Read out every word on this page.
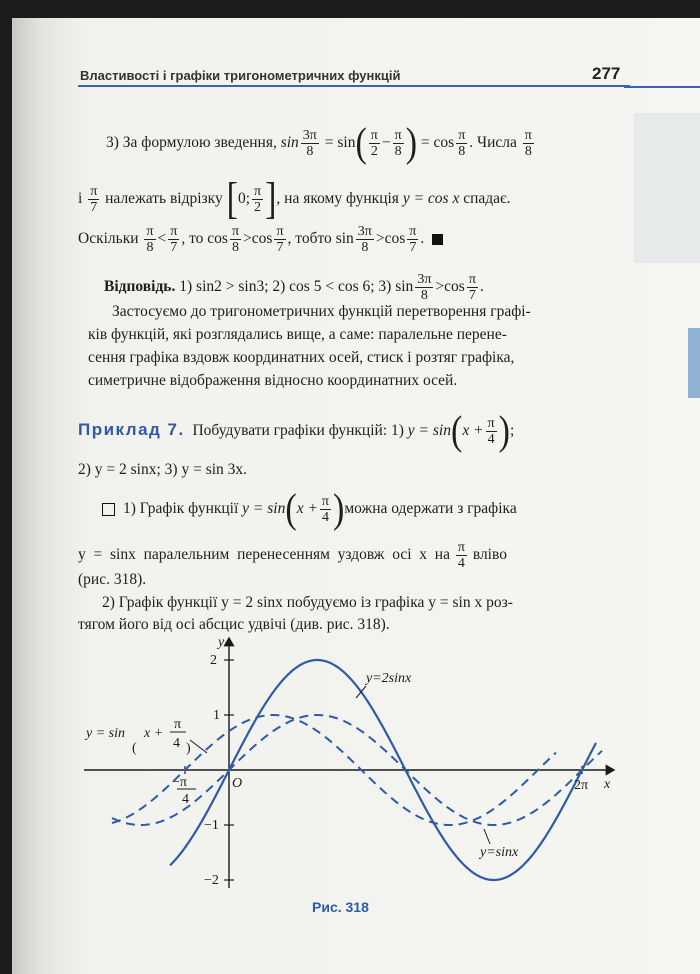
Властивості і графіки тригонометричних функцій	277
3) За формулою зведення, $\sin \frac{3\pi}{8} = \sin( \frac{\pi}{2} - \frac{\pi}{8}$ ) = $\cos \frac{\pi}{8}$ . Числа $\frac{\pi}{8}$
і $\frac{\pi}{7}$ належать відрізку [0; $\frac{\pi}{2}$ ], на якому функція y = cos x спадає.
Оскільки $\frac{\pi}{8} < \frac{\pi}{7}$ , то $\cos \frac{\pi}{8} >\cos \frac{\pi}{7}$ , тобто $\sin \frac{3\pi}{8} >\cos \frac{\pi}{7}$ .
Відповідь. 1) sin2 > sin3; 2) cos 5 < cos 6; 3) $\sin \frac{3\pi}{8} >\cos \frac{\pi}{7}$ .
Застосуємо до тригонометричних функцій перетворення графі-
ків функцій, які розглядались вище, а саме: паралельне перене-
сення графіка вздовж координатних осей, стиск і розтяг графіка,
симетричне відображення відносно координатних осей.
Приклад 7. Побудувати графіки функцій: 1) $y = \sin(x + \frac{\pi}{4}$ );
2) y = 2 sinx; 3) y = sin 3x.
1) Графік функції $y = \sin(x + \frac{\pi}{4}$ )можна одержати з графіка
y  =  sinx  паралельним  перенесенням  уздовж  осі  x  на $\frac{\pi}{4}$ вліво
(рис. 318).
2) Графік функції y = 2 sinx побудуємо із графіка y = sin x роз-
тягом його від осі абсцис удвічі (див. рис. 318).
2
1
−1
−2
y
x
O	2π
−π
4
y=2sinx
y=sinx
y = sin
(
x +
π
4 )
Рис. 318
